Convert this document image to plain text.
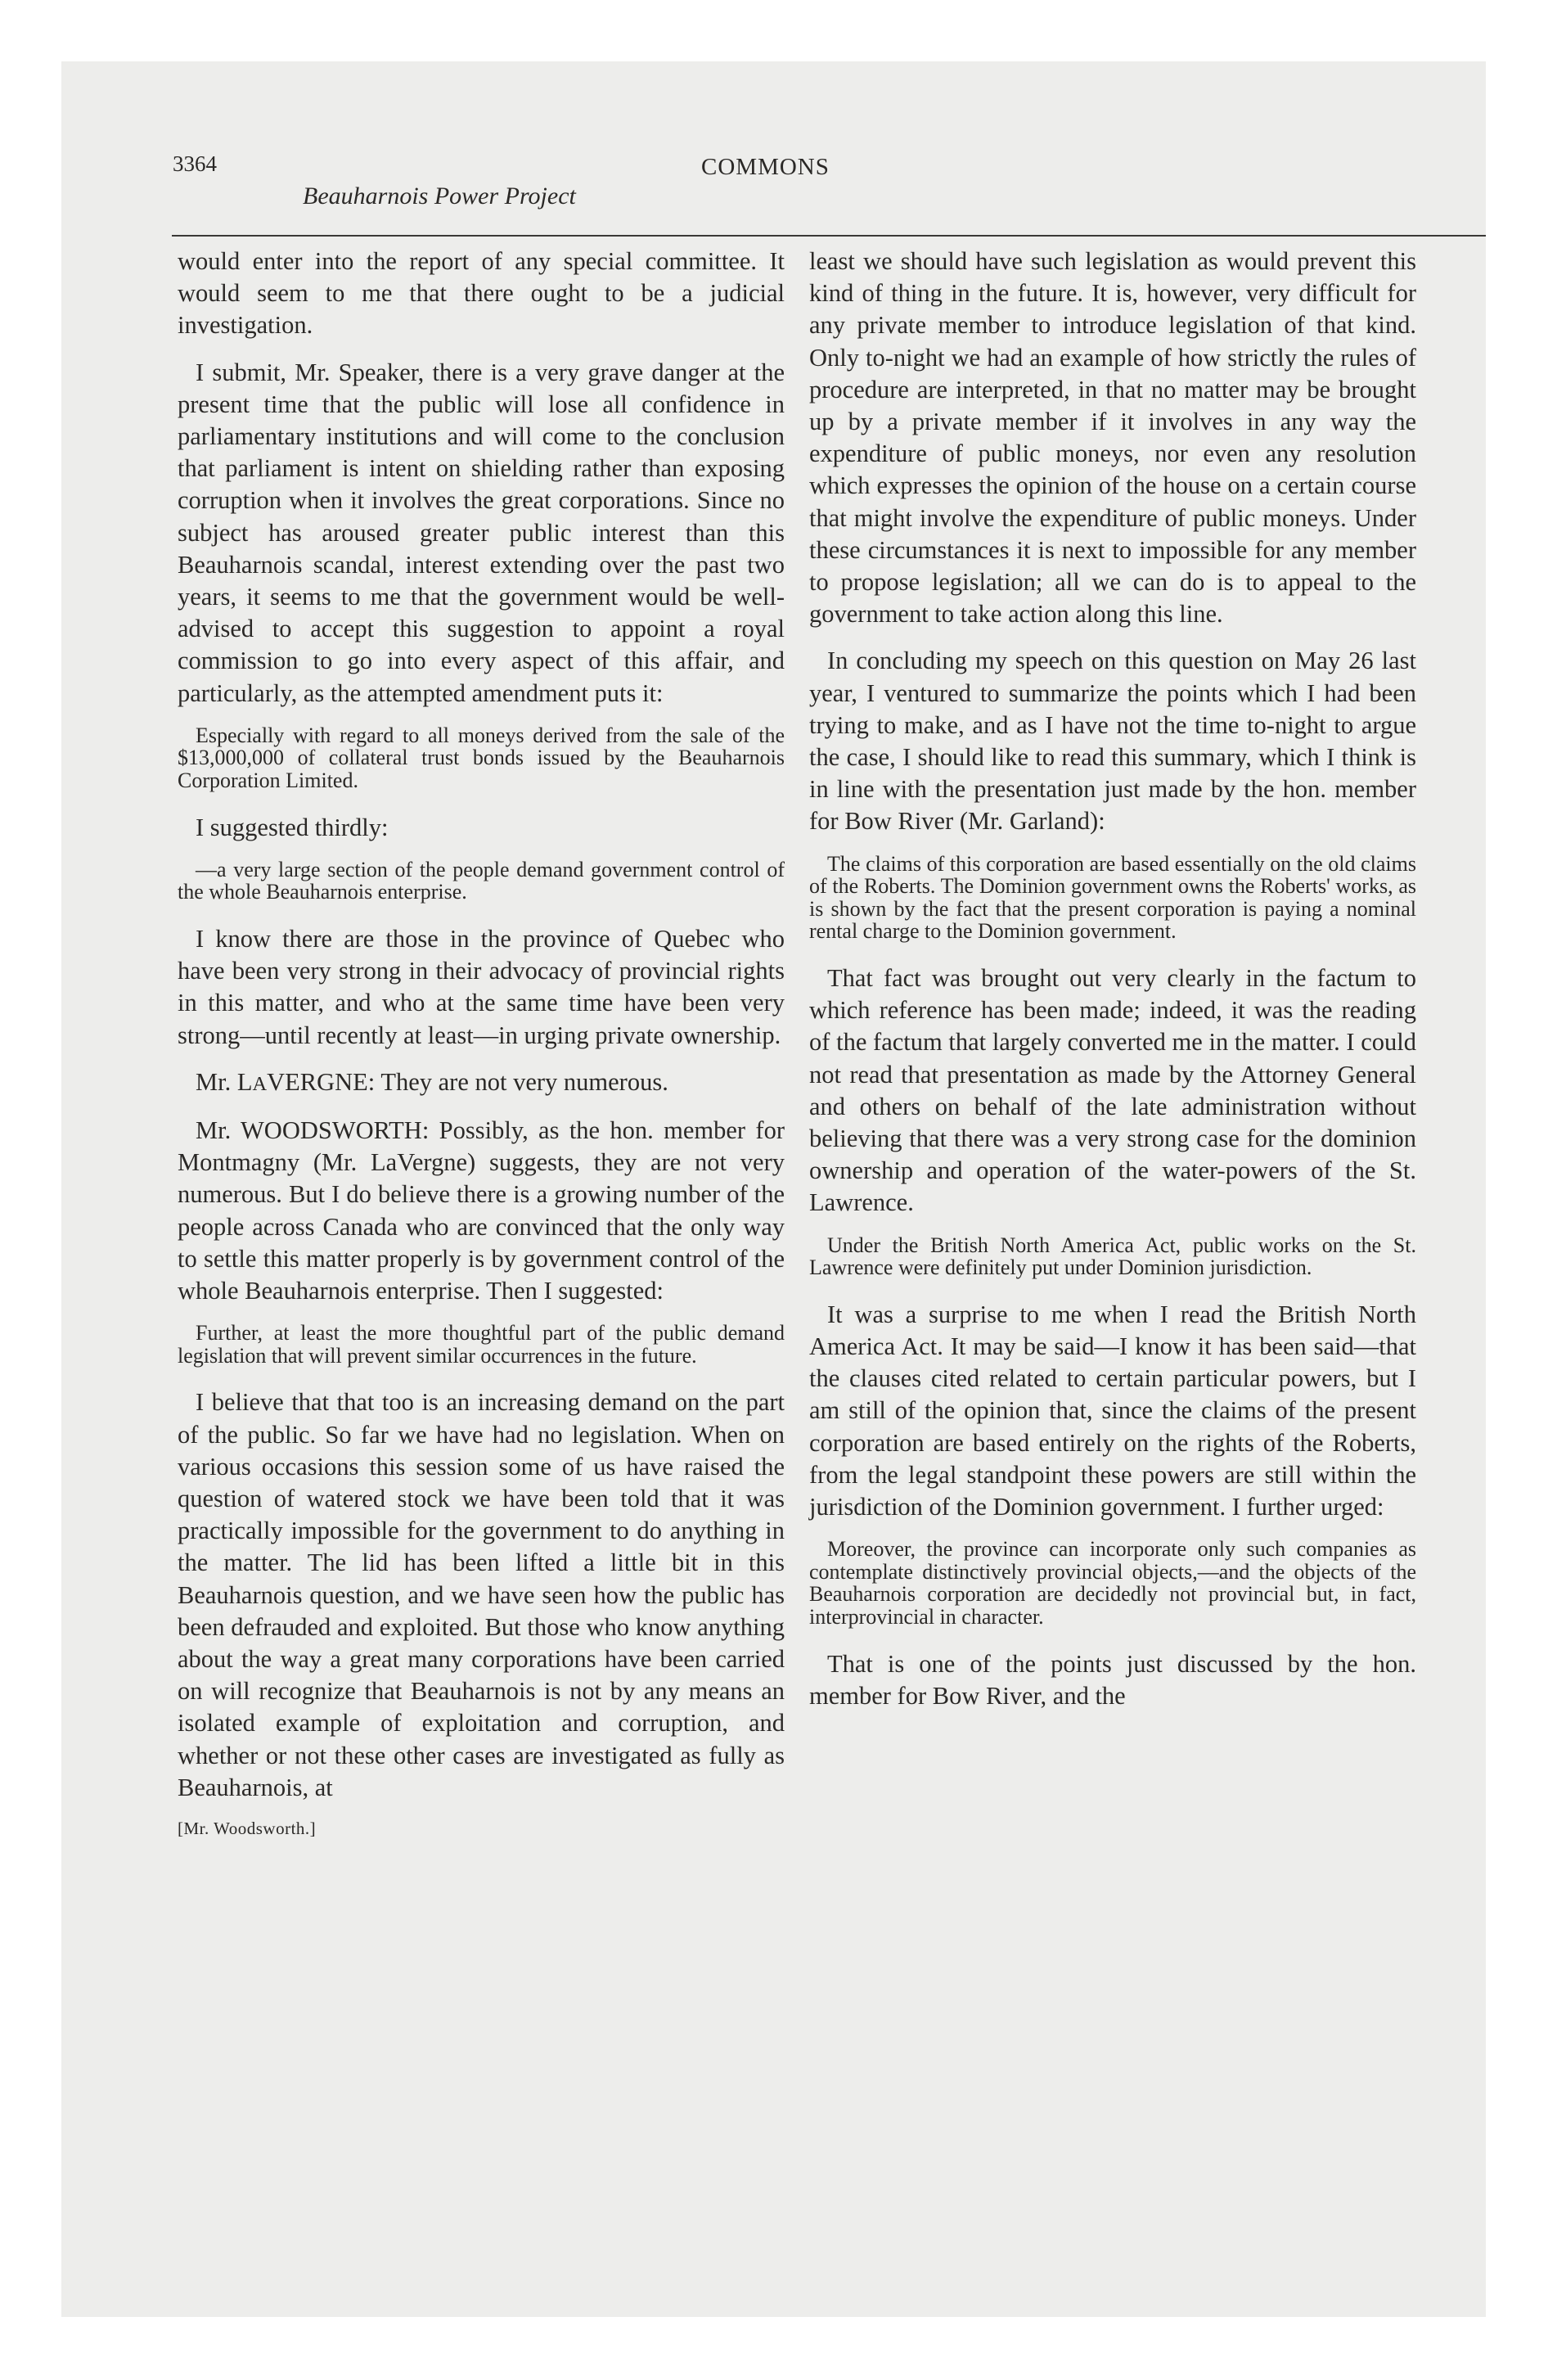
3364	COMMONS
Beauharnois Power Project

would enter into the report of any special committee. It would seem to me that there ought to be a judicial investigation.

I submit, Mr. Speaker, there is a very grave danger at the present time that the public will lose all confidence in parliamentary institutions and will come to the conclusion that parliament is intent on shielding rather than exposing corruption when it involves the great corporations. Since no subject has aroused greater public interest than this Beauharnois scandal, interest extending over the past two years, it seems to me that the government would be well-advised to accept this suggestion to appoint a royal commission to go into every aspect of this affair, and particularly, as the attempted amendment puts it:

Especially with regard to all moneys derived from the sale of the $13,000,000 of collateral trust bonds issued by the Beauharnois Corporation Limited.

I suggested thirdly:

—a very large section of the people demand government control of the whole Beauharnois enterprise.

I know there are those in the province of Quebec who have been very strong in their advocacy of provincial rights in this matter, and who at the same time have been very strong—until recently at least—in urging private ownership.

Mr. LAVERGNE: They are not very numerous.

Mr. WOODSWORTH: Possibly, as the hon. member for Montmagny (Mr. LaVergne) suggests, they are not very numerous. But I do believe there is a growing number of the people across Canada who are convinced that the only way to settle this matter properly is by government control of the whole Beauharnois enterprise. Then I suggested:

Further, at least the more thoughtful part of the public demand legislation that will prevent similar occurrences in the future.

I believe that that too is an increasing demand on the part of the public. So far we have had no legislation. When on various occasions this session some of us have raised the question of watered stock we have been told that it was practically impossible for the government to do anything in the matter. The lid has been lifted a little bit in this Beauharnois question, and we have seen how the public has been defrauded and exploited. But those who know anything about the way a great many corporations have been carried on will recognize that Beauharnois is not by any means an isolated example of exploitation and corruption, and whether or not these other cases are investigated as fully as Beauharnois, at

[Mr. Woodsworth.]

least we should have such legislation as would prevent this kind of thing in the future. It is, however, very difficult for any private member to introduce legislation of that kind. Only to-night we had an example of how strictly the rules of procedure are interpreted, in that no matter may be brought up by a private member if it involves in any way the expenditure of public moneys, nor even any resolution which expresses the opinion of the house on a certain course that might involve the expenditure of public moneys. Under these circumstances it is next to impossible for any member to propose legislation; all we can do is to appeal to the government to take action along this line.

In concluding my speech on this question on May 26 last year, I ventured to summarize the points which I had been trying to make, and as I have not the time to-night to argue the case, I should like to read this summary, which I think is in line with the presentation just made by the hon. member for Bow River (Mr. Garland):

The claims of this corporation are based essentially on the old claims of the Roberts. The Dominion government owns the Roberts' works, as is shown by the fact that the present corporation is paying a nominal rental charge to the Dominion government.

That fact was brought out very clearly in the factum to which reference has been made; indeed, it was the reading of the factum that largely converted me in the matter. I could not read that presentation as made by the Attorney General and others on behalf of the late administration without believing that there was a very strong case for the dominion ownership and operation of the water-powers of the St. Lawrence.

Under the British North America Act, public works on the St. Lawrence were definitely put under Dominion jurisdiction.

It was a surprise to me when I read the British North America Act. It may be said—I know it has been said—that the clauses cited related to certain particular powers, but I am still of the opinion that, since the claims of the present corporation are based entirely on the rights of the Roberts, from the legal standpoint these powers are still within the jurisdiction of the Dominion government. I further urged:

Moreover, the province can incorporate only such companies as contemplate distinctively provincial objects,—and the objects of the Beauharnois corporation are decidedly not provincial but, in fact, interprovincial in character.

That is one of the points just discussed by the hon. member for Bow River, and the
